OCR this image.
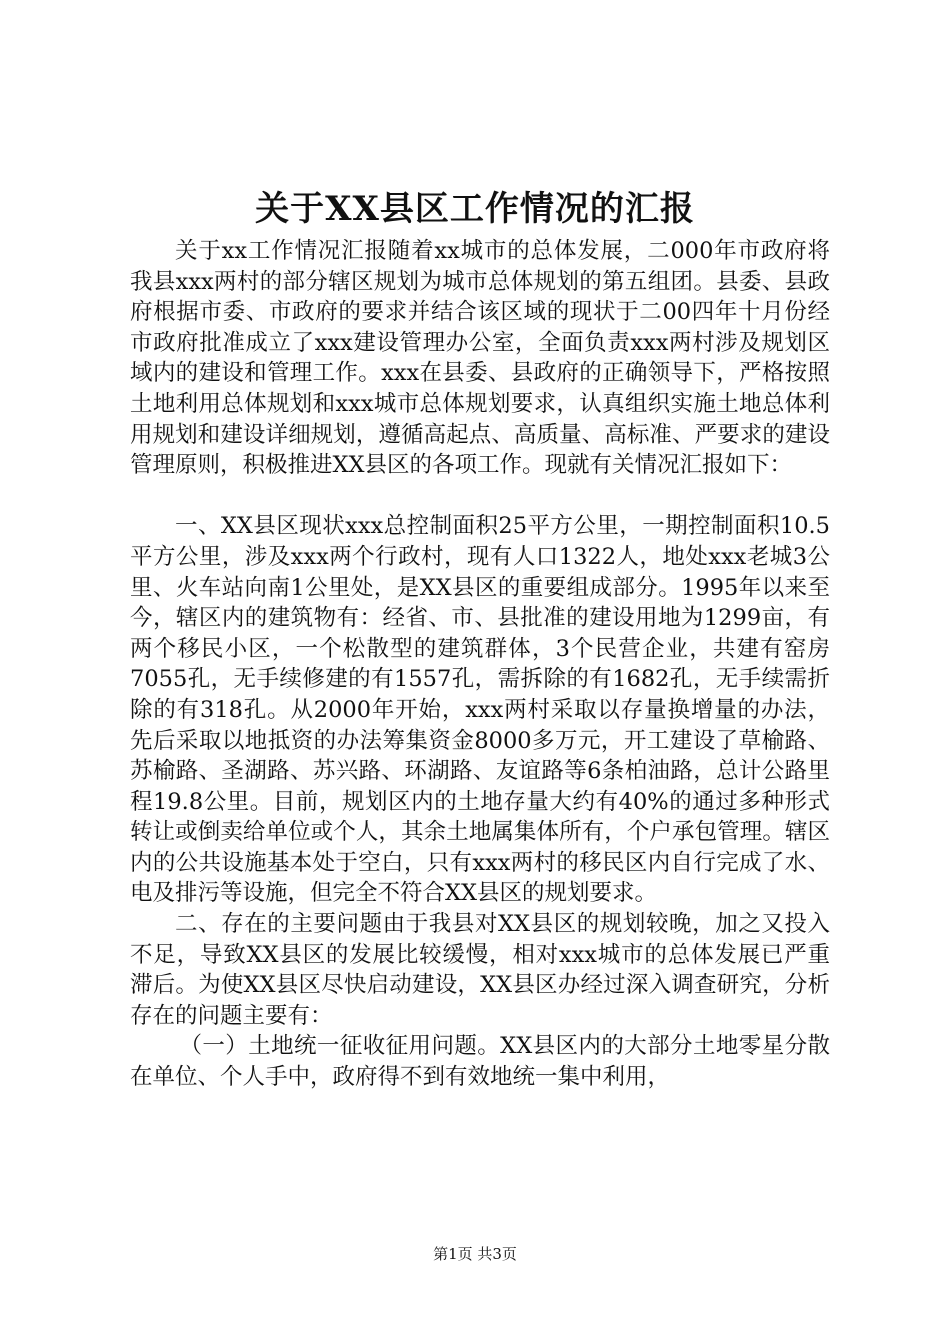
关于XX县区工作情况的汇报

关于xx工作情况汇报随着xx城市的总体发展，二000年市政府将我县xxx两村的部分辖区规划为城市总体规划的第五组团。县委、县政府根据市委、市政府的要求并结合该区域的现状于二00四年十月份经市政府批准成立了xxx建设管理办公室，全面负责xxx两村涉及规划区域内的建设和管理工作。xxx在县委、县政府的正确领导下，严格按照土地利用总体规划和xxx城市总体规划要求，认真组织实施土地总体利用规划和建设详细规划，遵循高起点、高质量、高标准、严要求的建设管理原则，积极推进XX县区的各项工作。现就有关情况汇报如下：

一、XX县区现状xxx总控制面积25平方公里，一期控制面积10.5平方公里，涉及xxx两个行政村，现有人口1322人，地处xxx老城3公里、火车站向南1公里处，是XX县区的重要组成部分。1995年以来至今，辖区内的建筑物有：经省、市、县批准的建设用地为1299亩，有两个移民小区，一个松散型的建筑群体，3个民营企业，共建有窑房7055孔，无手续修建的有1557孔，需拆除的有1682孔，无手续需折除的有318孔。从2000年开始，xxx两村采取以存量换增量的办法，先后采取以地抵资的办法筹集资金8000多万元，开工建设了草榆路、苏榆路、圣湖路、苏兴路、环湖路、友谊路等6条柏油路，总计公路里程19.8公里。目前，规划区内的土地存量大约有40%的通过多种形式转让或倒卖给单位或个人，其余土地属集体所有，个户承包管理。辖区内的公共设施基本处于空白，只有xxx两村的移民区内自行完成了水、电及排污等设施，但完全不符合XX县区的规划要求。

二、存在的主要问题由于我县对XX县区的规划较晚，加之又投入不足，导致XX县区的发展比较缓慢，相对xxx城市的总体发展已严重滞后。为使XX县区尽快启动建设，XX县区办经过深入调查研究，分析存在的问题主要有：

（一）土地统一征收征用问题。XX县区内的大部分土地零星分散在单位、个人手中，政府得不到有效地统一集中利用，

第1页 共3页
